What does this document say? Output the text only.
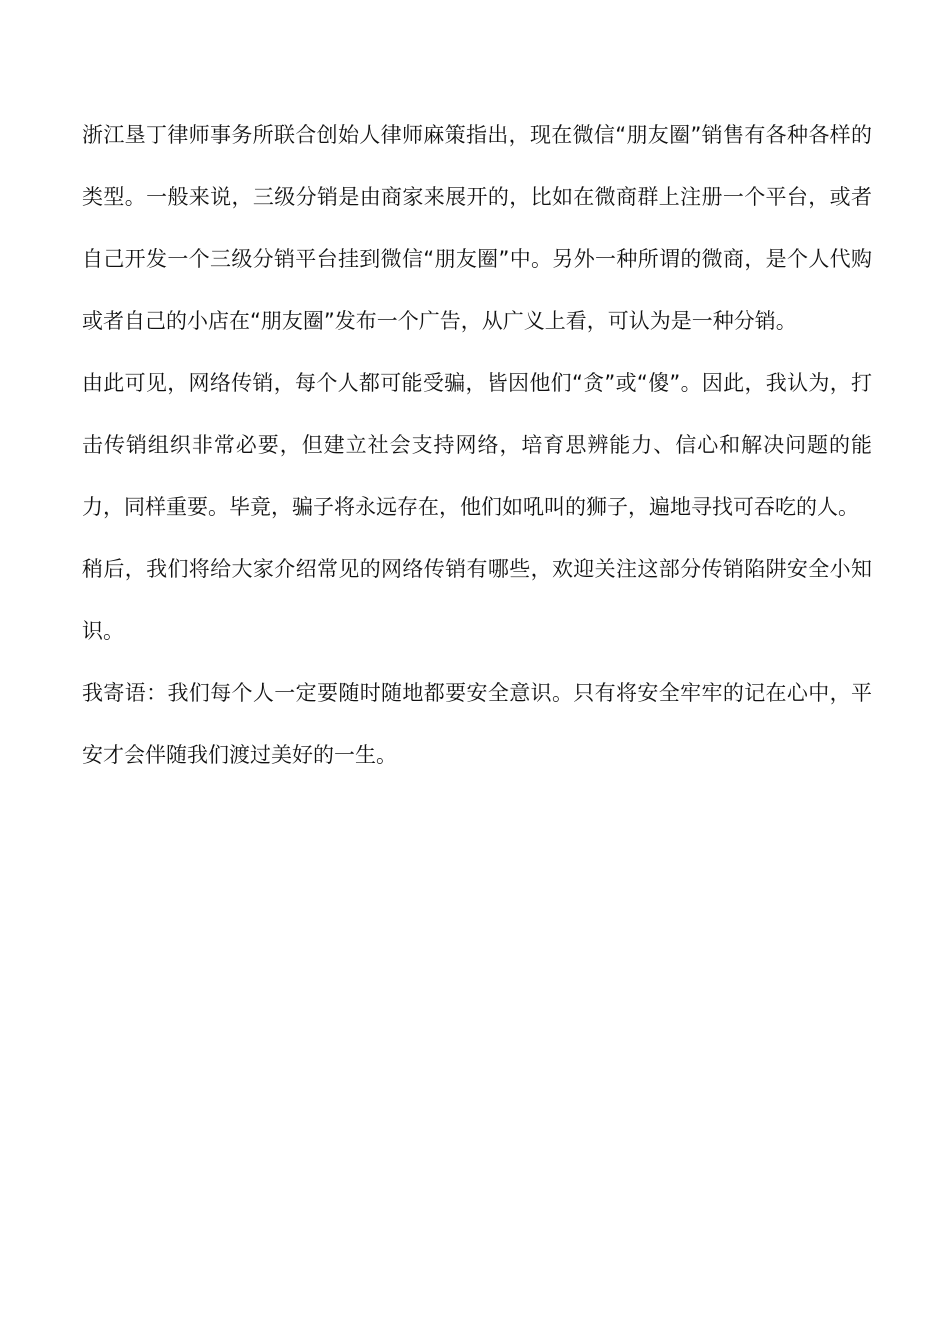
浙江垦丁律师事务所联合创始人律师麻策指出，现在微信“朋友圈”销售有各种各样的类型。一般来说，三级分销是由商家来展开的，比如在微商群上注册一个平台，或者自己开发一个三级分销平台挂到微信“朋友圈”中。另外一种所谓的微商，是个人代购或者自己的小店在“朋友圈”发布一个广告，从广义上看，可认为是一种分销。

由此可见，网络传销，每个人都可能受骗，皆因他们“贪”或“傻”。因此，我认为，打击传销组织非常必要，但建立社会支持网络，培育思辨能力、信心和解决问题的能力，同样重要。毕竟，骗子将永远存在，他们如吼叫的狮子，遍地寻找可吞吃的人。

稍后，我们将给大家介绍常见的网络传销有哪些，欢迎关注这部分传销陷阱安全小知识。

我寄语：我们每个人一定要随时随地都要安全意识。只有将安全牢牢的记在心中，平安才会伴随我们渡过美好的一生。
